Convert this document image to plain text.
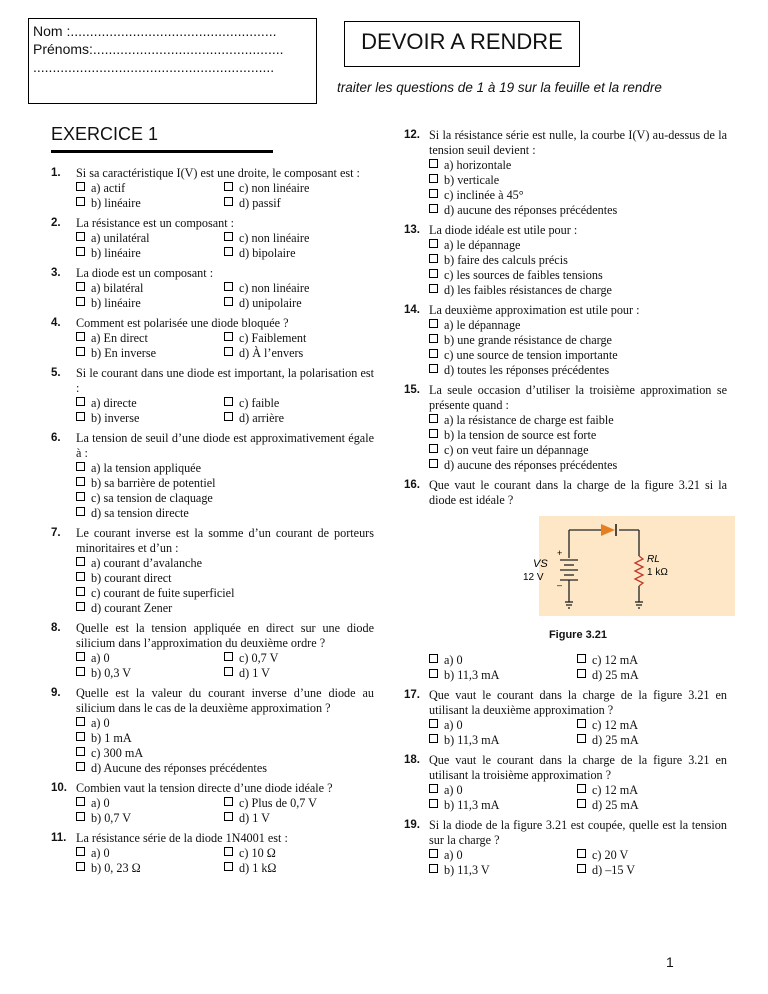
Nom :.....................................................
Prénoms:.................................................
..............................................................
DEVOIR A RENDRE
traiter les questions de 1 à 19 sur la feuille et la rendre
EXERCICE 1
1. Si sa caractéristique I(V) est une droite, le composant est :
a) actif	c) non linéaire
b) linéaire	d) passif
2. La résistance est un composant :
a) unilatéral	c) non linéaire
b) linéaire	d) bipolaire
3. La diode est un composant :
a) bilatéral	c) non linéaire
b) linéaire	d) unipolaire
4. Comment est polarisée une diode bloquée ?
a) En direct	c) Faiblement
b) En inverse	d) À l’envers
5. Si le courant dans une diode est important, la polarisation est :
a) directe	c) faible
b) inverse	d) arrière
6. La tension de seuil d’une diode est approximativement égale à :
a) la tension appliquée
b) sa barrière de potentiel
c) sa tension de claquage
d) sa tension directe
7. Le courant inverse est la somme d’un courant de porteurs minoritaires et d’un :
a) courant d’avalanche
b) courant direct
c) courant de fuite superficiel
d) courant Zener
8. Quelle est la tension appliquée en direct sur une diode silicium dans l’approximation du deuxième ordre ?
a) 0	c) 0,7 V
b) 0,3 V	d) 1 V
9. Quelle est la valeur du courant inverse d’une diode au silicium dans le cas de la deuxième approximation ?
a) 0
b) 1 mA
c) 300 mA
d) Aucune des réponses précédentes
10. Combien vaut la tension directe d’une diode idéale ?
a) 0	c) Plus de 0,7 V
b) 0,7 V	d) 1 V
11. La résistance série de la diode 1N4001 est :
a) 0	c) 10 Ω
b) 0, 23 Ω	d) 1 kΩ
12. Si la résistance série est nulle, la courbe I(V) au-dessus de la tension seuil devient :
a) horizontale
b) verticale
c) inclinée à 45°
d) aucune des réponses précédentes
13. La diode idéale est utile pour :
a) le dépannage
b) faire des calculs précis
c) les sources de faibles tensions
d) les faibles résistances de charge
14. La deuxième approximation est utile pour :
a) le dépannage
b) une grande résistance de charge
c) une source de tension importante
d) toutes les réponses précédentes
15. La seule occasion d’utiliser la troisième approximation se présente quand :
a) la résistance de charge est faible
b) la tension de source est forte
c) on veut faire un dépannage
d) aucune des réponses précédentes
16. Que vaut le courant dans la charge de la figure 3.21 si la diode est idéale ?
+
–
VS
12 V
RL
1 kΩ
Figure 3.21
a) 0	c) 12 mA
b) 11,3 mA	d) 25 mA
17. Que vaut le courant dans la charge de la figure 3.21 en utilisant la deuxième approximation ?
a) 0	c) 12 mA
b) 11,3 mA	d) 25 mA
18. Que vaut le courant dans la charge de la figure 3.21 en utilisant la troisième approximation ?
a) 0	c) 12 mA
b) 11,3 mA	d) 25 mA
19. Si la diode de la figure 3.21 est coupée, quelle est la tension sur la charge ?
a) 0	c) 20 V
b) 11,3 V	d) –15 V
1
